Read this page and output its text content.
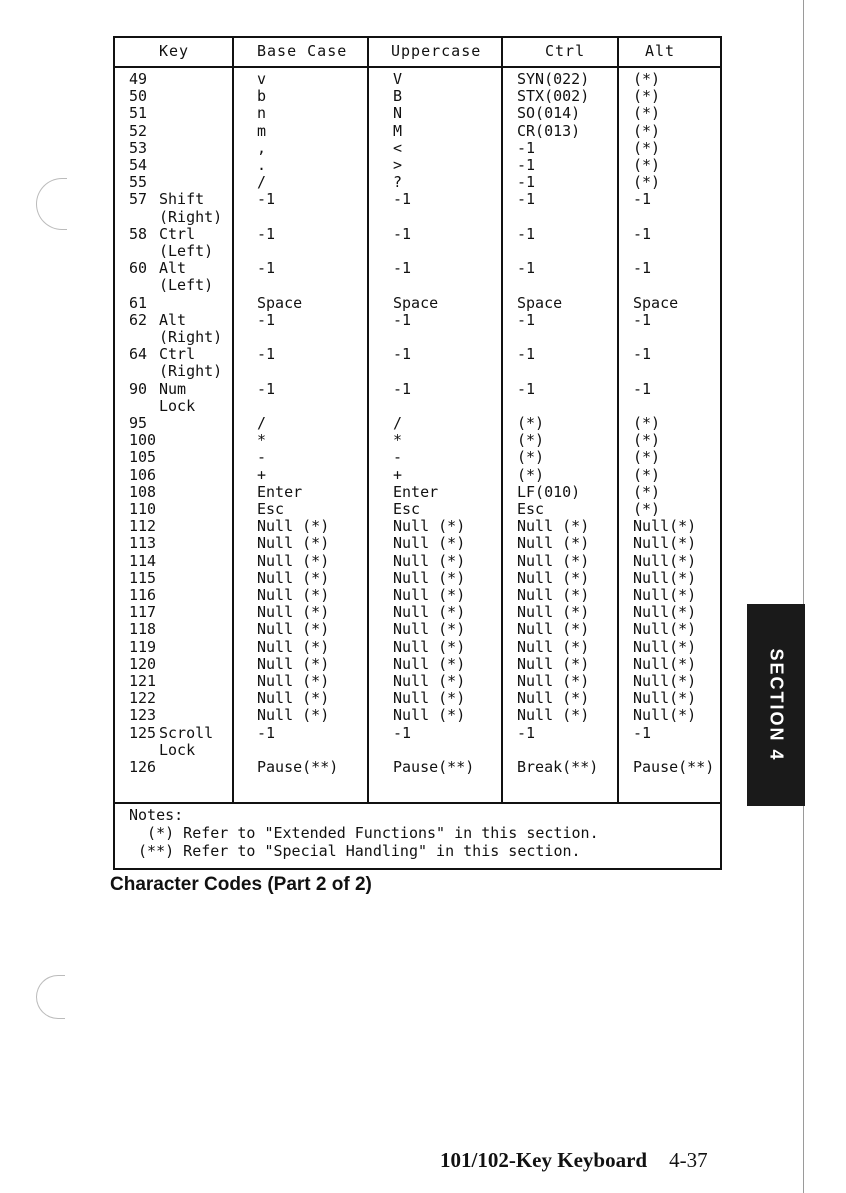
Key	Base Case	Uppercase	Ctrl	Alt
49	v	V	SYN(022)	(*)
50	b	B	STX(002)	(*)
51	n	N	SO(014)	(*)
52	m	M	CR(013)	(*)
53	,	<	-1	(*)
54	.	>	-1	(*)
55	/	?	-1	(*)
57 Shift	-1	-1	-1	-1
(Right)
58 Ctrl	-1	-1	-1	-1
(Left)
60 Alt	-1	-1	-1	-1
(Left)
61	Space	Space	Space	Space
62 Alt	-1	-1	-1	-1
(Right)
64 Ctrl	-1	-1	-1	-1
(Right)
90 Num	-1	-1	-1	-1
Lock
95	/	/	(*)	(*)
100	*	*	(*)	(*)
105	-	-	(*)	(*)
106	+	+	(*)	(*)
108	Enter	Enter	LF(010)	(*)
110	Esc	Esc	Esc	(*)
112	Null (*)	Null (*)	Null (*)	Null(*)
113	Null (*)	Null (*)	Null (*)	Null(*)
114	Null (*)	Null (*)	Null (*)	Null(*)
115	Null (*)	Null (*)	Null (*)	Null(*)
116	Null (*)	Null (*)	Null (*)	Null(*)
117	Null (*)	Null (*)	Null (*)	Null(*)
118	Null (*)	Null (*)	Null (*)	Null(*)
119	Null (*)	Null (*)	Null (*)	Null(*)
120	Null (*)	Null (*)	Null (*)	Null(*)
121	Null (*)	Null (*)	Null (*)	Null(*)
122	Null (*)	Null (*)	Null (*)	Null(*)
123	Null (*)	Null (*)	Null (*)	Null(*)
125 Scroll	-1	-1	-1	-1
Lock
126	Pause(**)	Pause(**)	Break(**) Pause(**)
Notes:
(*) Refer to "Extended Functions" in this section.
(**) Refer to "Special Handling" in this section.
Character Codes (Part 2 of 2)
SECTION 4
101/102-Key Keyboard 4-37
